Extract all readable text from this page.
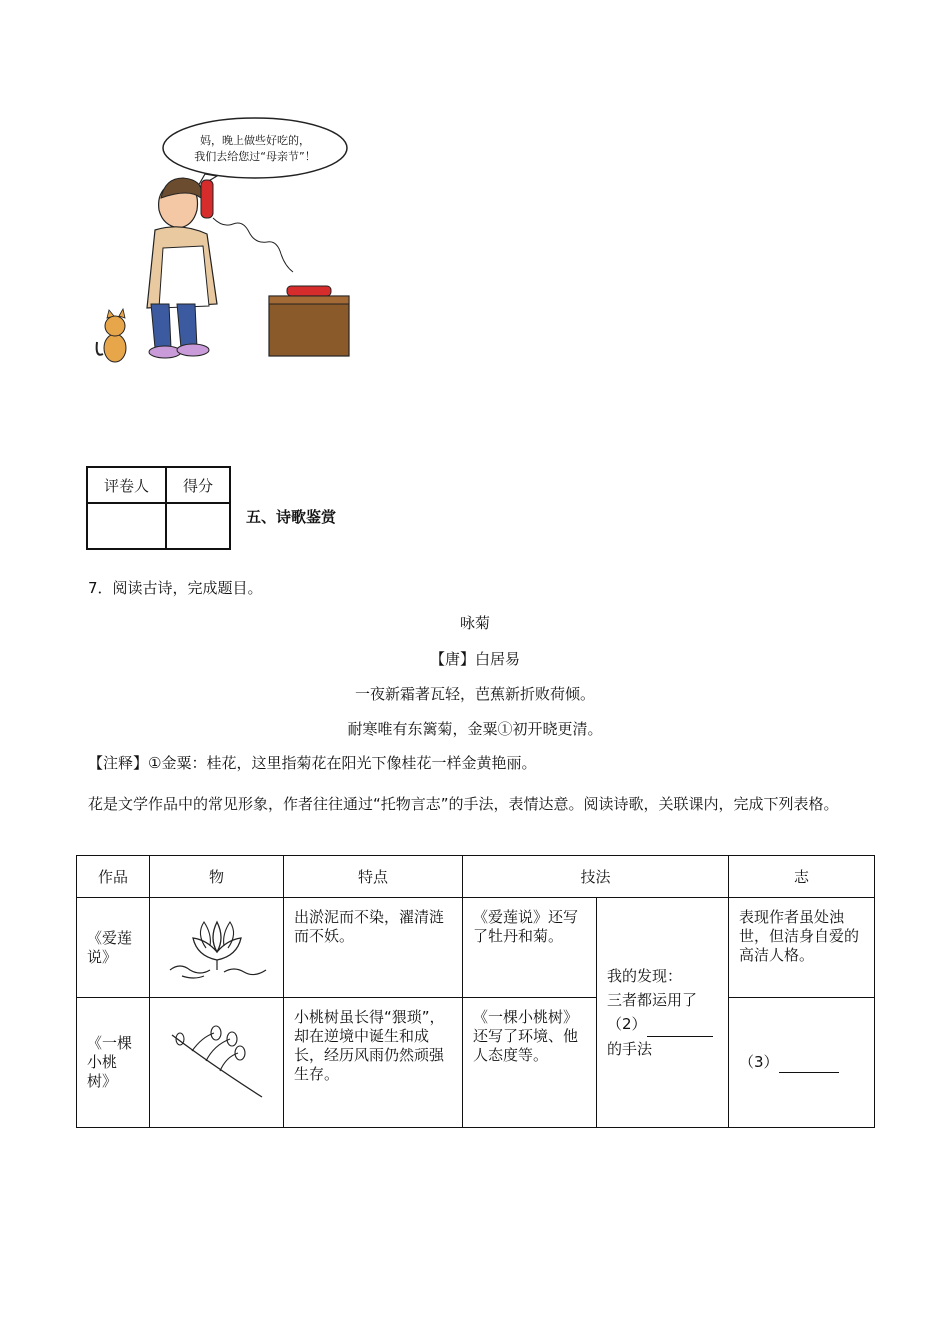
妈，晚上做些好吃的，
我们去给您过“母亲节”！
评卷人	得分

五、诗歌鉴赏
7．阅读古诗，完成题目。
咏菊
【唐】白居易
一夜新霜著瓦轻，芭蕉新折败荷倾。
耐寒唯有东篱菊，金粟①初开晓更清。
【注释】①金粟：桂花，这里指菊花在阳光下像桂花一样金黄艳丽。
花是文学作品中的常见形象，作者往往通过“托物言志”的手法，表情达意。阅读诗歌，关联课内，完成下列表格。
作品	物	特点	技法		志

《爱莲说》		出淤泥而不染，濯清涟而不妖。	《爱莲说》还写了牡丹和菊。	我的发现：
三者都运用了
（2）
的手法	表现作者虽处浊世，但洁身自爱的高洁人格。

《一棵小桃树》		小桃树虽长得“猥琐”，却在逆境中诞生和成长，经历风雨仍然顽强生存。	《一棵小桃树》还写了环境、他人态度等。		（3）
